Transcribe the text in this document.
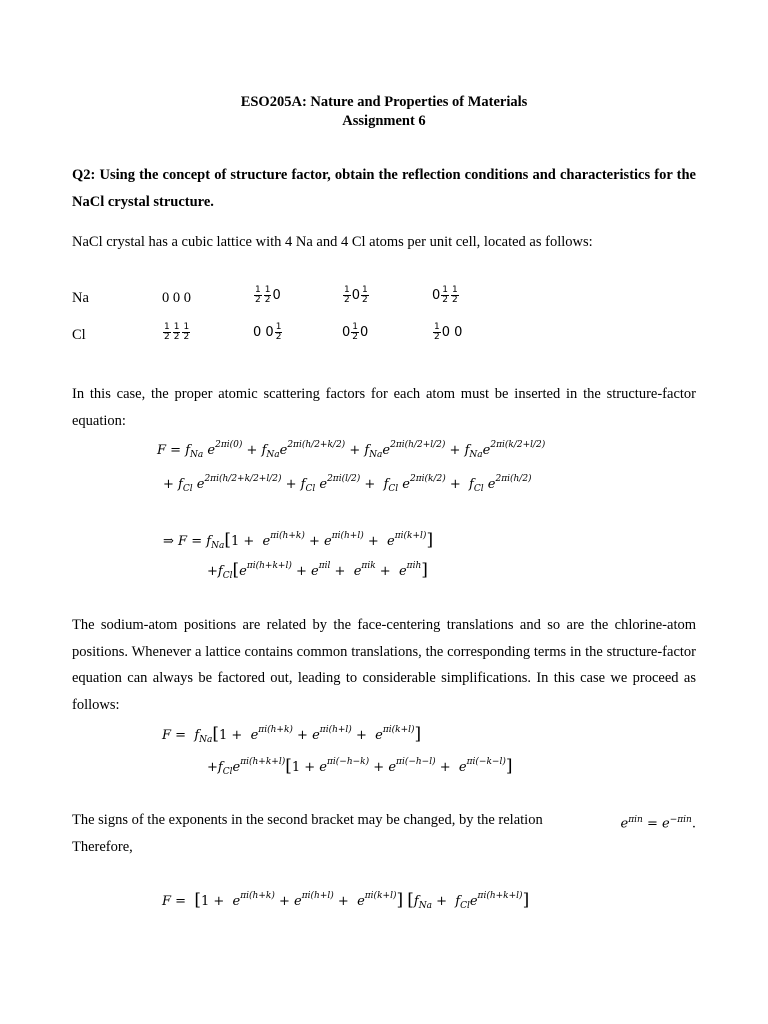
ESO205A: Nature and Properties of Materials
Assignment 6
Q2: Using the concept of structure factor, obtain the reflection conditions and characteristics for the NaCl crystal structure.
NaCl crystal has a cubic lattice with 4 Na and 4 Cl atoms per unit cell, located as follows:
Na	0 0 0	$\frac{1}{2} \frac{1}{2} 0$	$\frac{1}{2} 0 \frac{1}{2}$	$0 \frac{1}{2} \frac{1}{2}$
Cl	$\frac{1}{2} \frac{1}{2} \frac{1}{2}$	0 $0 \frac{1}{2}$	$0 \frac{1}{2} 0$	$\frac{1}{2} 0$ 0
In this case, the proper atomic scattering factors for each atom must be inserted in the structure-factor equation:
$F = f_{Na}$ $e^{2\pi i(0)} + f_{Na}e^{2\pi i(h/2+k/2)} + f_{Na}e^{2\pi i(h/2+l/2)} + f_{Na}e^{2\pi i(k/2+l/2)}$
+ $f_{Cl}$ $e^{2\pi i(h/2+k/2+l/2)} + f_{Cl}$ $e^{2\pi i(l/2)} + f_{Cl}$ $e^{2\pi i(k/2)} + f_{Cl}$ $e^{2\pi i(h/2)}$
⇒ $F = f_{Na}[1 + e^{\pi i(h+k)} + e^{\pi i(h+l)} + e^{\pi i(k+l)}]$
$+f_{Cl}[e^{\pi i(h+k+l)} + e^{\pi il} + e^{\pi ik} + e^{\pi ih}]$
The sodium-atom positions are related by the face-centering translations and so are the chlorine-atom positions. Whenever a lattice contains common translations, the corresponding terms in the structure-factor equation can always be factored out, leading to considerable simplifications. In this case we proceed as follows:
$F = f_{Na}[1 + e^{\pi i(h+k)} + e^{\pi i(h+l)} + e^{\pi i(k+l)}]$
$+f_{Cl}e^{\pi i(h+k+l)}[1 + e^{\pi i(-h-k)} + e^{\pi i(-h-l)} + e^{\pi i(-k-l)}]$
The signs of the exponents in the second bracket may be changed, by the relation	$e^{\pi in} = e^{-\pi in}$.
Therefore,
$F = [1 + e^{\pi i(h+k)} + e^{\pi i(h+l)} + e^{\pi i(k+l)}]$ $[f_{Na} + f_{Cl}e^{\pi i(h+k+l)}]$
